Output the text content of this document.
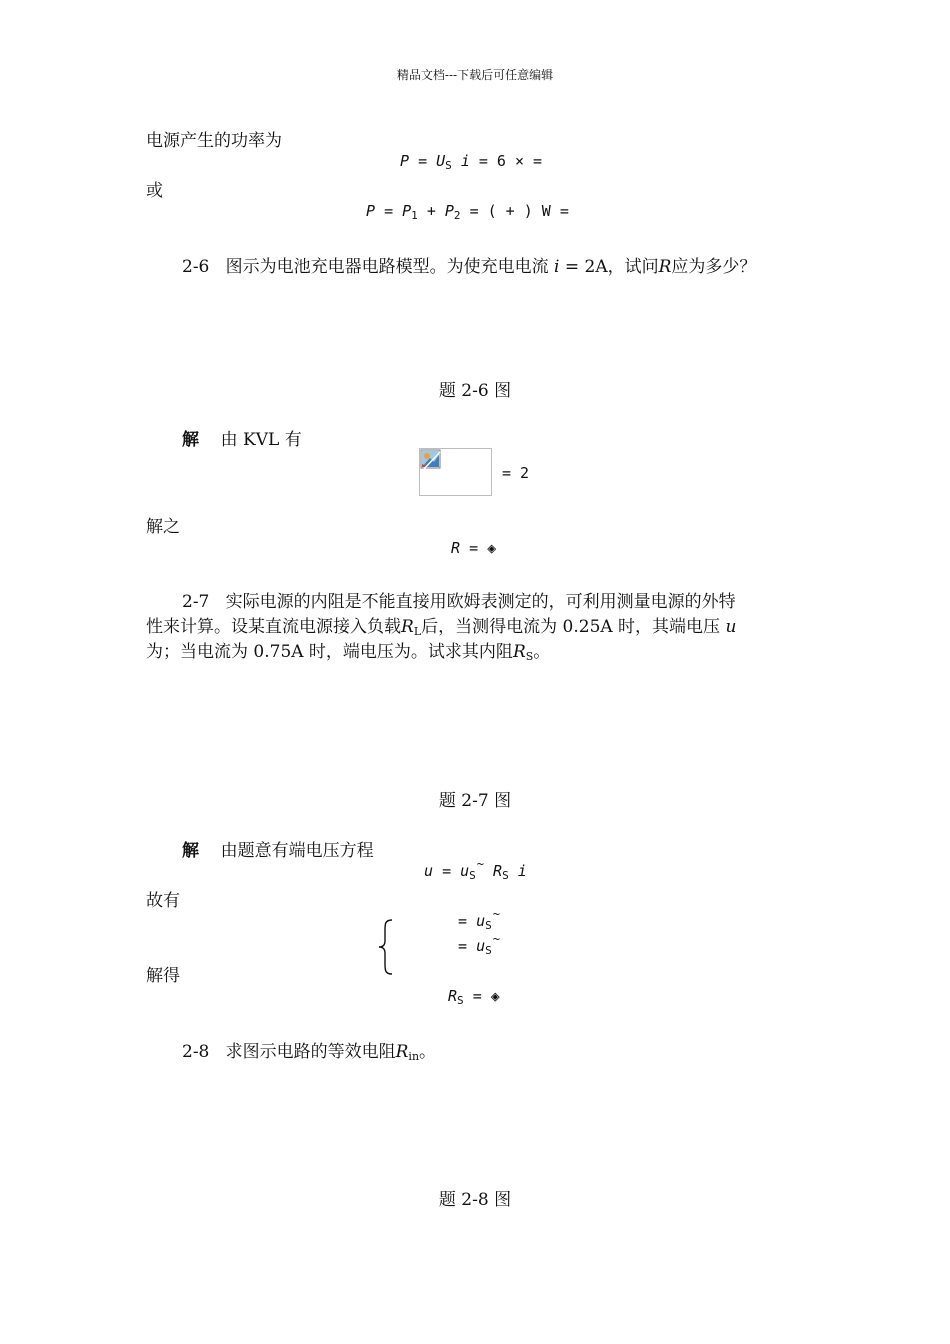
精品文档---下载后可任意编辑
电源产生的功率为
$P = U_S$ i = 6 × =
或
$P = P_1 + P_2$ = ( + ) W =
2-6 图示为电池充电器电路模型。为使充电电流 i = 2A，试问R应为多少？
题 2-6 图
解 由 KVL 有
= 2
解之
R = ◈
2-7 实际电源的内阻是不能直接用欧姆表测定的，可利用测量电源的外特
性来计算。设某直流电源接入负载$R_L$后，当测得电流为 0.25A 时，其端电压 u
为；当电流为 0.75A 时，端电压为。试求其内阻$R_S$。
题 2-7 图
解 由题意有端电压方程
$u = u_S^\sim$ $R_S$ i
故有
= $u_S^\sim$
= $u_S^\sim$
解得
$R_S$ = ◈
2-8 求图示电路的等效电阻$R_{in}$。
题 2-8 图
